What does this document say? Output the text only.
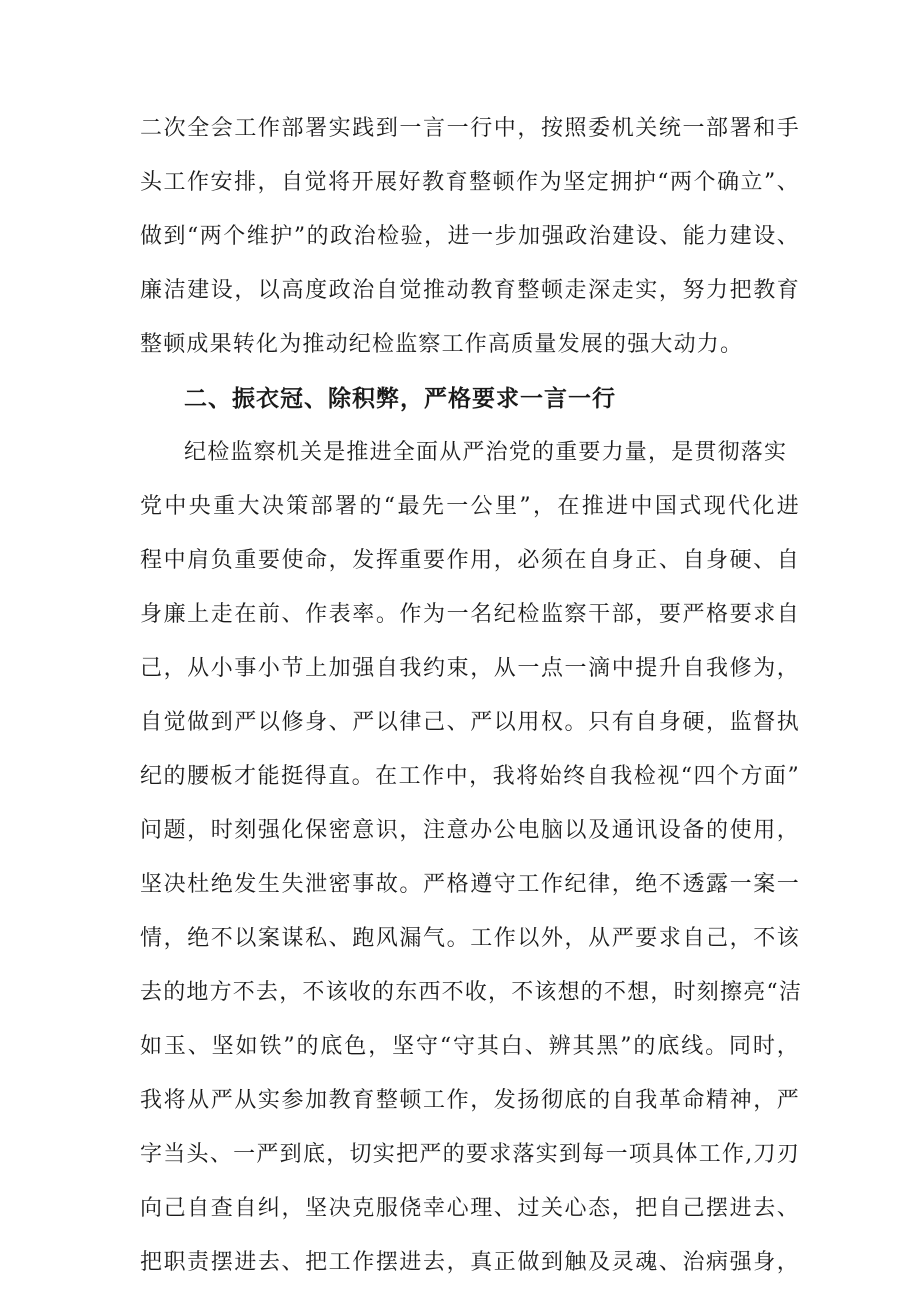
二次全会工作部署实践到一言一行中，按照委机关统一部署和手
头工作安排，自觉将开展好教育整顿作为坚定拥护“两个确立”、
做到“两个维护”的政治检验，进一步加强政治建设、能力建设、
廉洁建设，以高度政治自觉推动教育整顿走深走实，努力把教育
整顿成果转化为推动纪检监察工作高质量发展的强大动力。
二、振衣冠、除积弊，严格要求一言一行
纪检监察机关是推进全面从严治党的重要力量，是贯彻落实
党中央重大决策部署的“最先一公里”，在推进中国式现代化进
程中肩负重要使命，发挥重要作用，必须在自身正、自身硬、自
身廉上走在前、作表率。作为一名纪检监察干部，要严格要求自
己，从小事小节上加强自我约束，从一点一滴中提升自我修为，
自觉做到严以修身、严以律己、严以用权。只有自身硬，监督执
纪的腰板才能挺得直。在工作中，我将始终自我检视“四个方面”
问题，时刻强化保密意识，注意办公电脑以及通讯设备的使用，
坚决杜绝发生失泄密事故。严格遵守工作纪律，绝不透露一案一
情，绝不以案谋私、跑风漏气。工作以外，从严要求自己，不该
去的地方不去，不该收的东西不收，不该想的不想，时刻擦亮“洁
如玉、坚如铁”的底色，坚守“守其白、辨其黑”的底线。同时，
我将从严从实参加教育整顿工作，发扬彻底的自我革命精神，严
字当头、一严到底，切实把严的要求落实到每一项具体工作,刀刃
向己自查自纠，坚决克服侥幸心理、过关心态，把自己摆进去、
把职责摆进去、把工作摆进去，真正做到触及灵魂、治病强身，
